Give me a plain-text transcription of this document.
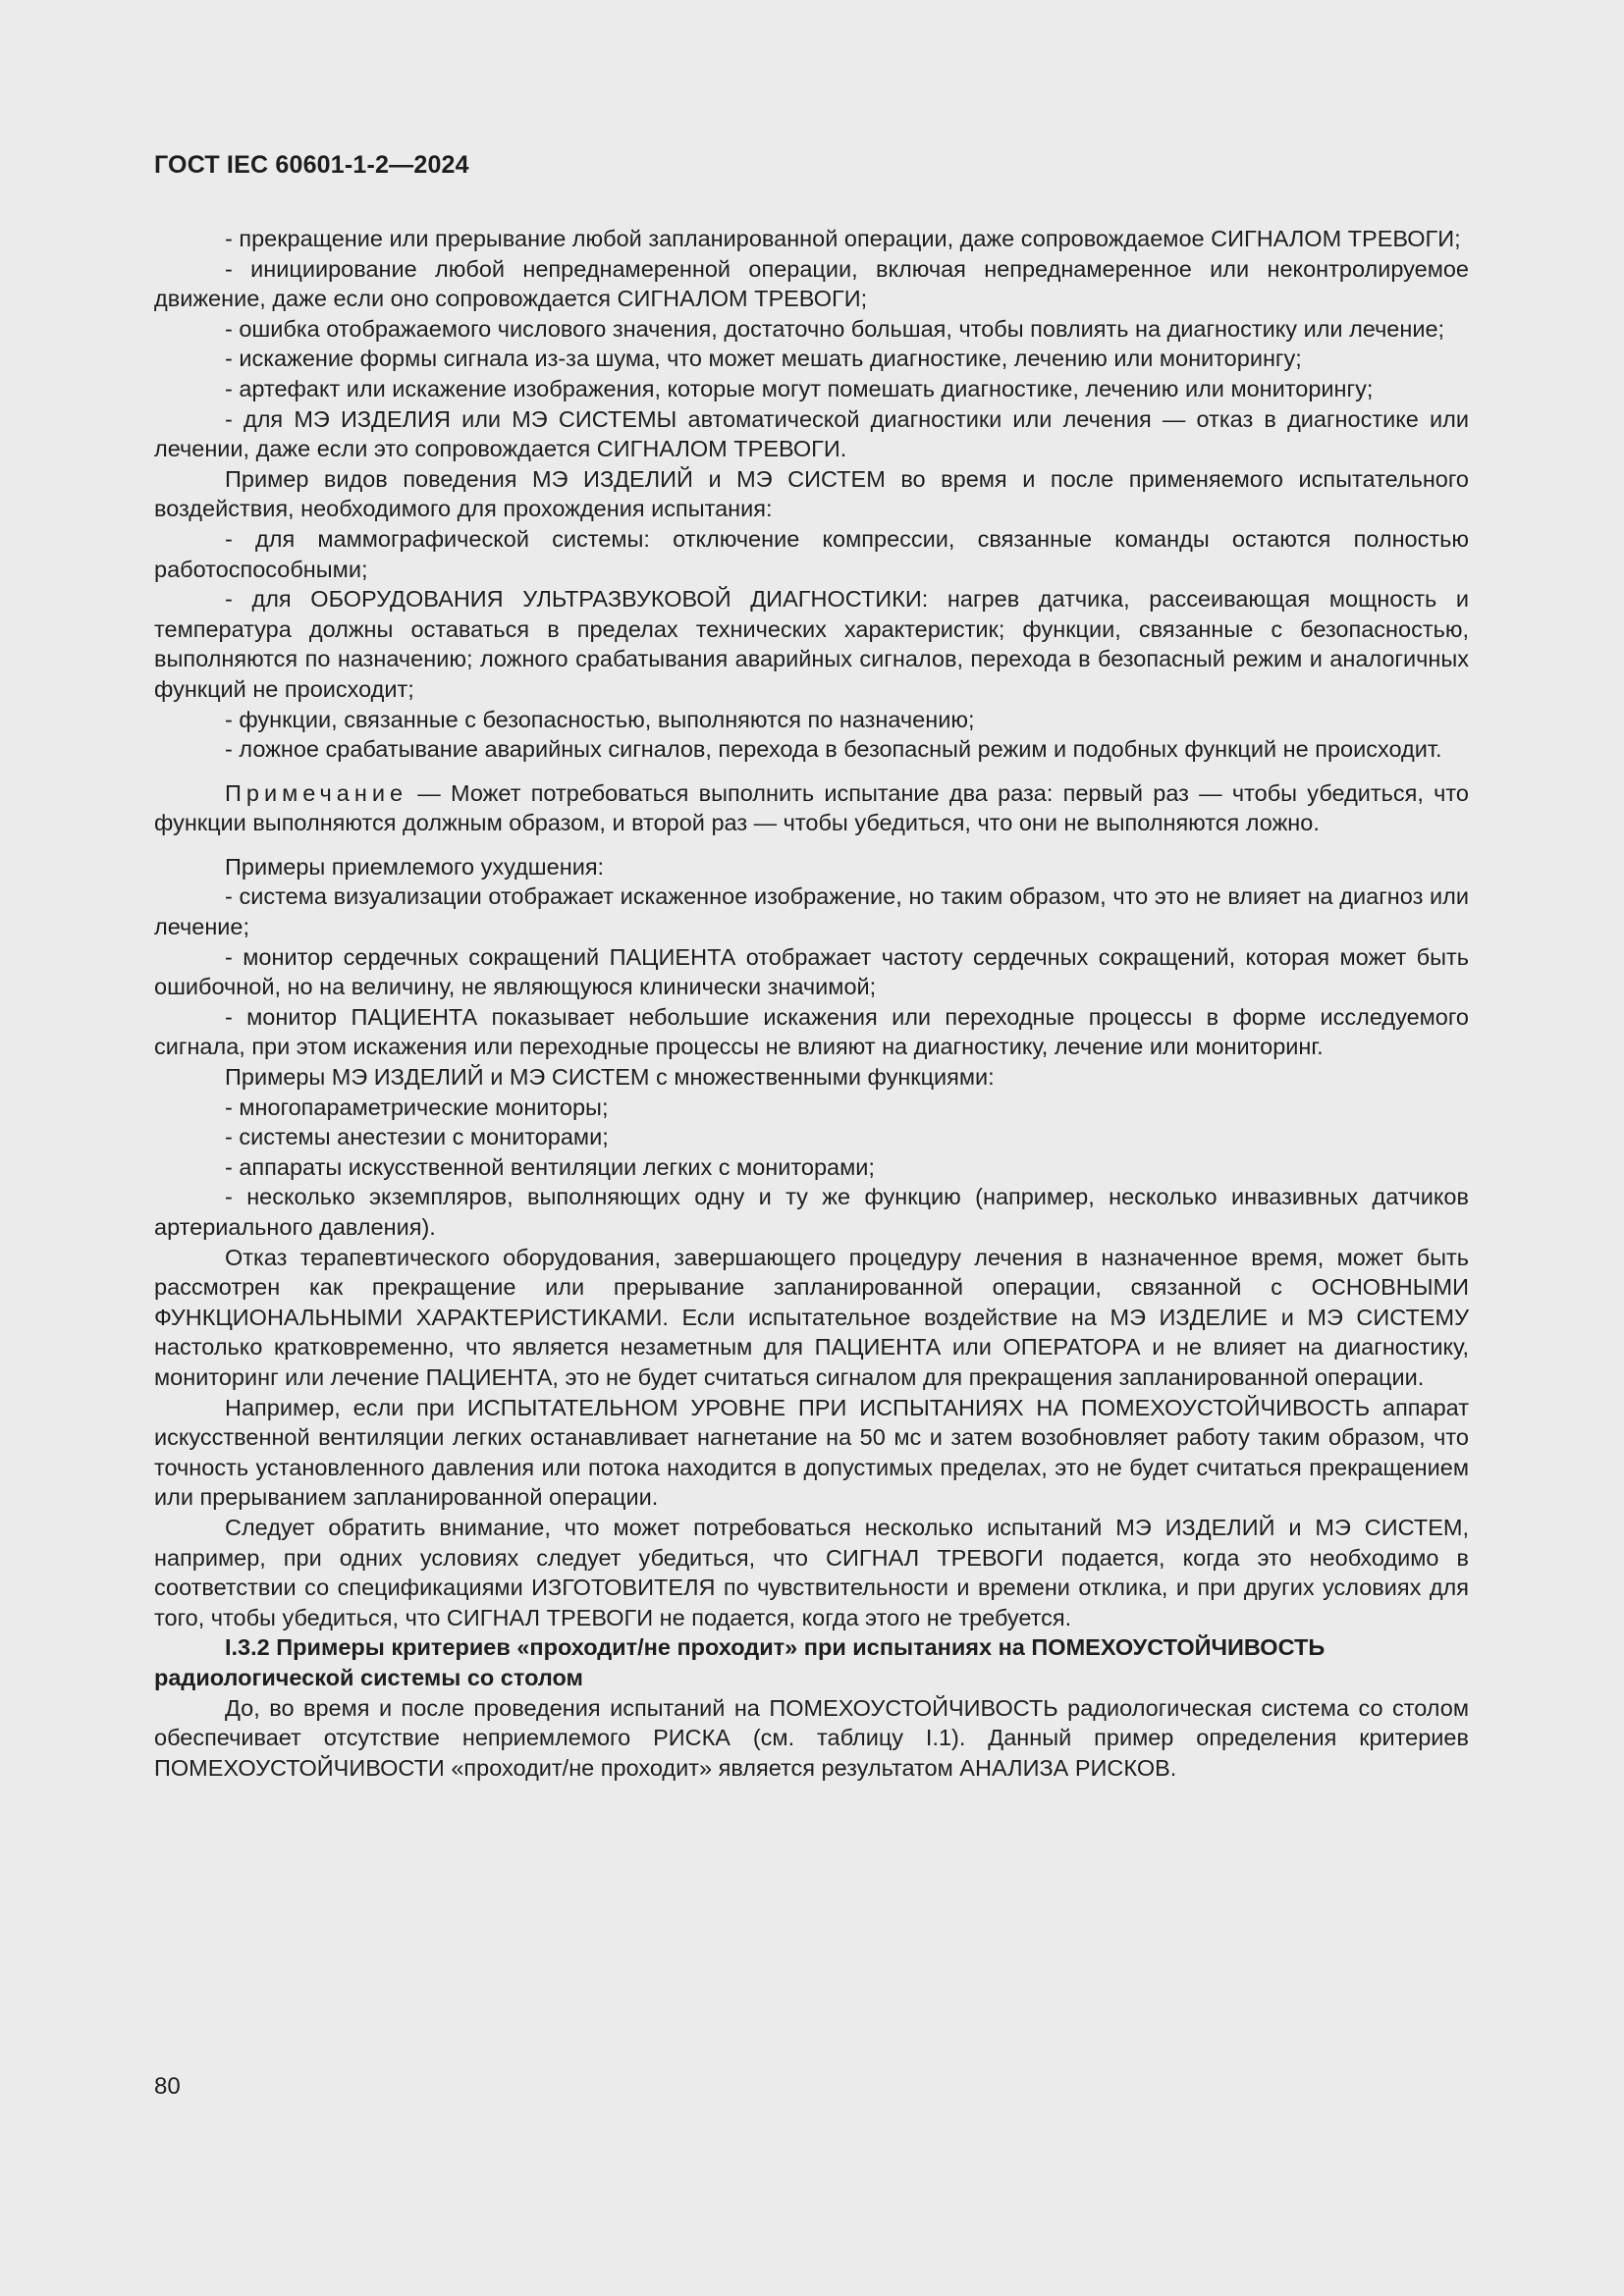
ГОСТ IEC 60601-1-2—2024

- прекращение или прерывание любой запланированной операции, даже сопровождаемое СИГНАЛОМ ТРЕВОГИ;

- инициирование любой непреднамеренной операции, включая непреднамеренное или неконтролируемое движение, даже если оно сопровождается СИГНАЛОМ ТРЕВОГИ;

- ошибка отображаемого числового значения, достаточно большая, чтобы повлиять на диагностику или лечение;

- искажение формы сигнала из-за шума, что может мешать диагностике, лечению или мониторингу;

- артефакт или искажение изображения, которые могут помешать диагностике, лечению или мониторингу;

- для МЭ ИЗДЕЛИЯ или МЭ СИСТЕМЫ автоматической диагностики или лечения — отказ в диагностике или лечении, даже если это сопровождается СИГНАЛОМ ТРЕВОГИ.

Пример видов поведения МЭ ИЗДЕЛИЙ и МЭ СИСТЕМ во время и после применяемого испытательного воздействия, необходимого для прохождения испытания:

- для маммографической системы: отключение компрессии, связанные команды остаются полностью работоспособными;

- для ОБОРУДОВАНИЯ УЛЬТРАЗВУКОВОЙ ДИАГНОСТИКИ: нагрев датчика, рассеивающая мощность и температура должны оставаться в пределах технических характеристик; функции, связанные с безопасностью, выполняются по назначению; ложного срабатывания аварийных сигналов, перехода в безопасный режим и аналогичных функций не происходит;

- функции, связанные с безопасностью, выполняются по назначению;

- ложное срабатывание аварийных сигналов, перехода в безопасный режим и подобных функций не происходит.

Примечание — Может потребоваться выполнить испытание два раза: первый раз — чтобы убедиться, что функции выполняются должным образом, и второй раз — чтобы убедиться, что они не выполняются ложно.

Примеры приемлемого ухудшения:

- система визуализации отображает искаженное изображение, но таким образом, что это не влияет на диагноз или лечение;

- монитор сердечных сокращений ПАЦИЕНТА отображает частоту сердечных сокращений, которая может быть ошибочной, но на величину, не являющуюся клинически значимой;

- монитор ПАЦИЕНТА показывает небольшие искажения или переходные процессы в форме исследуемого сигнала, при этом искажения или переходные процессы не влияют на диагностику, лечение или мониторинг.

Примеры МЭ ИЗДЕЛИЙ и МЭ СИСТЕМ с множественными функциями:

- многопараметрические мониторы;

- системы анестезии с мониторами;

- аппараты искусственной вентиляции легких с мониторами;

- несколько экземпляров, выполняющих одну и ту же функцию (например, несколько инвазивных датчиков артериального давления).

Отказ терапевтического оборудования, завершающего процедуру лечения в назначенное время, может быть рассмотрен как прекращение или прерывание запланированной операции, связанной с ОСНОВНЫМИ ФУНКЦИОНАЛЬНЫМИ ХАРАКТЕРИСТИКАМИ. Если испытательное воздействие на МЭ ИЗДЕЛИЕ и МЭ СИСТЕМУ настолько кратковременно, что является незаметным для ПАЦИЕНТА или ОПЕРАТОРА и не влияет на диагностику, мониторинг или лечение ПАЦИЕНТА, это не будет считаться сигналом для прекращения запланированной операции.

Например, если при ИСПЫТАТЕЛЬНОМ УРОВНЕ ПРИ ИСПЫТАНИЯХ НА ПОМЕХОУСТОЙЧИВОСТЬ аппарат искусственной вентиляции легких останавливает нагнетание на 50 мс и затем возобновляет работу таким образом, что точность установленного давления или потока находится в допустимых пределах, это не будет считаться прекращением или прерыванием запланированной операции.

Следует обратить внимание, что может потребоваться несколько испытаний МЭ ИЗДЕЛИЙ и МЭ СИСТЕМ, например, при одних условиях следует убедиться, что СИГНАЛ ТРЕВОГИ подается, когда это необходимо в соответствии со спецификациями ИЗГОТОВИТЕЛЯ по чувствительности и времени отклика, и при других условиях для того, чтобы убедиться, что СИГНАЛ ТРЕВОГИ не подается, когда этого не требуется.

I.3.2 Примеры критериев «проходит/не проходит» при испытаниях на ПОМЕХОУСТОЙЧИВОСТЬ радиологической системы со столом

До, во время и после проведения испытаний на ПОМЕХОУСТОЙЧИВОСТЬ радиологическая система со столом обеспечивает отсутствие неприемлемого РИСКА (см. таблицу I.1). Данный пример определения критериев ПОМЕХОУСТОЙЧИВОСТИ «проходит/не проходит» является результатом АНАЛИЗА РИСКОВ.

80
